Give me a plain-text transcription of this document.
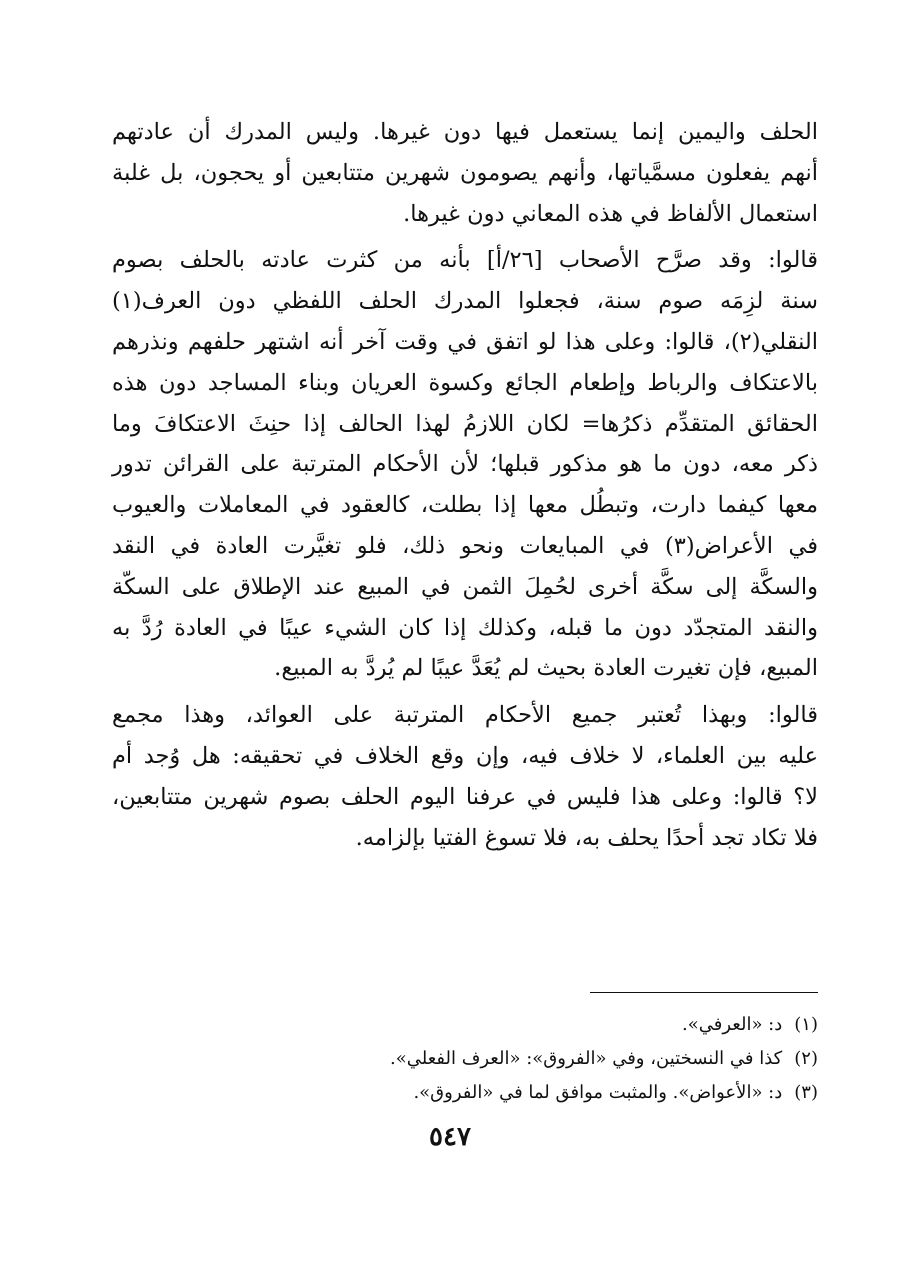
الحلف واليمين إنما يستعمل فيها دون غيرها. وليس المدرك أن عادتهم
أنهم يفعلون مسمَّياتها، وأنهم يصومون شهرين متتابعين أو يحجون، بل غلبة
استعمال الألفاظ في هذه المعاني دون غيرها.

قالوا: وقد صرَّح الأصحاب [٢٦/أ] بأنه من كثرت عادته بالحلف بصوم
سنة لزِمَه صوم سنة، فجعلوا المدرك الحلف اللفظي دون العرف(١)
النقلي(٢)، قالوا: وعلى هذا لو اتفق في وقت آخر أنه اشتهر حلفهم ونذرهم
بالاعتكاف والرباط وإطعام الجائع وكسوة العريان وبناء المساجد دون هذه
الحقائق المتقدِّم ذكرُها= لكان اللازمُ لهذا الحالف إذا حنِثَ الاعتكافَ وما
ذكر معه، دون ما هو مذكور قبلها؛ لأن الأحكام المترتبة على القرائن تدور
معها كيفما دارت، وتبطُل معها إذا بطلت، كالعقود في المعاملات والعيوب
في الأعراض(٣) في المبايعات ونحو ذلك، فلو تغيَّرت العادة في النقد
والسكَّة إلى سكَّة أخرى لحُمِلَ الثمن في المبيع عند الإطلاق على السكّة
والنقد المتجدّد دون ما قبله، وكذلك إذا كان الشيء عيبًا في العادة رُدَّ به
المبيع، فإن تغيرت العادة بحيث لم يُعَدَّ عيبًا لم يُردَّ به المبيع.

قالوا: وبهذا تُعتبر جميع الأحكام المترتبة على العوائد، وهذا مجمع
عليه بين العلماء، لا خلاف فيه، وإن وقع الخلاف في تحقيقه: هل وُجد أم
لا؟ قالوا: وعلى هذا فليس في عرفنا اليوم الحلف بصوم شهرين متتابعين،
فلا تكاد تجد أحدًا يحلف به، فلا تسوغ الفتيا بإلزامه.

(١)د: «العرفي».
(٢)كذا في النسختين، وفي «الفروق»: «العرف الفعلي».
(٣)د: «الأعواض». والمثبت موافق لما في «الفروق».
٥٤٧
